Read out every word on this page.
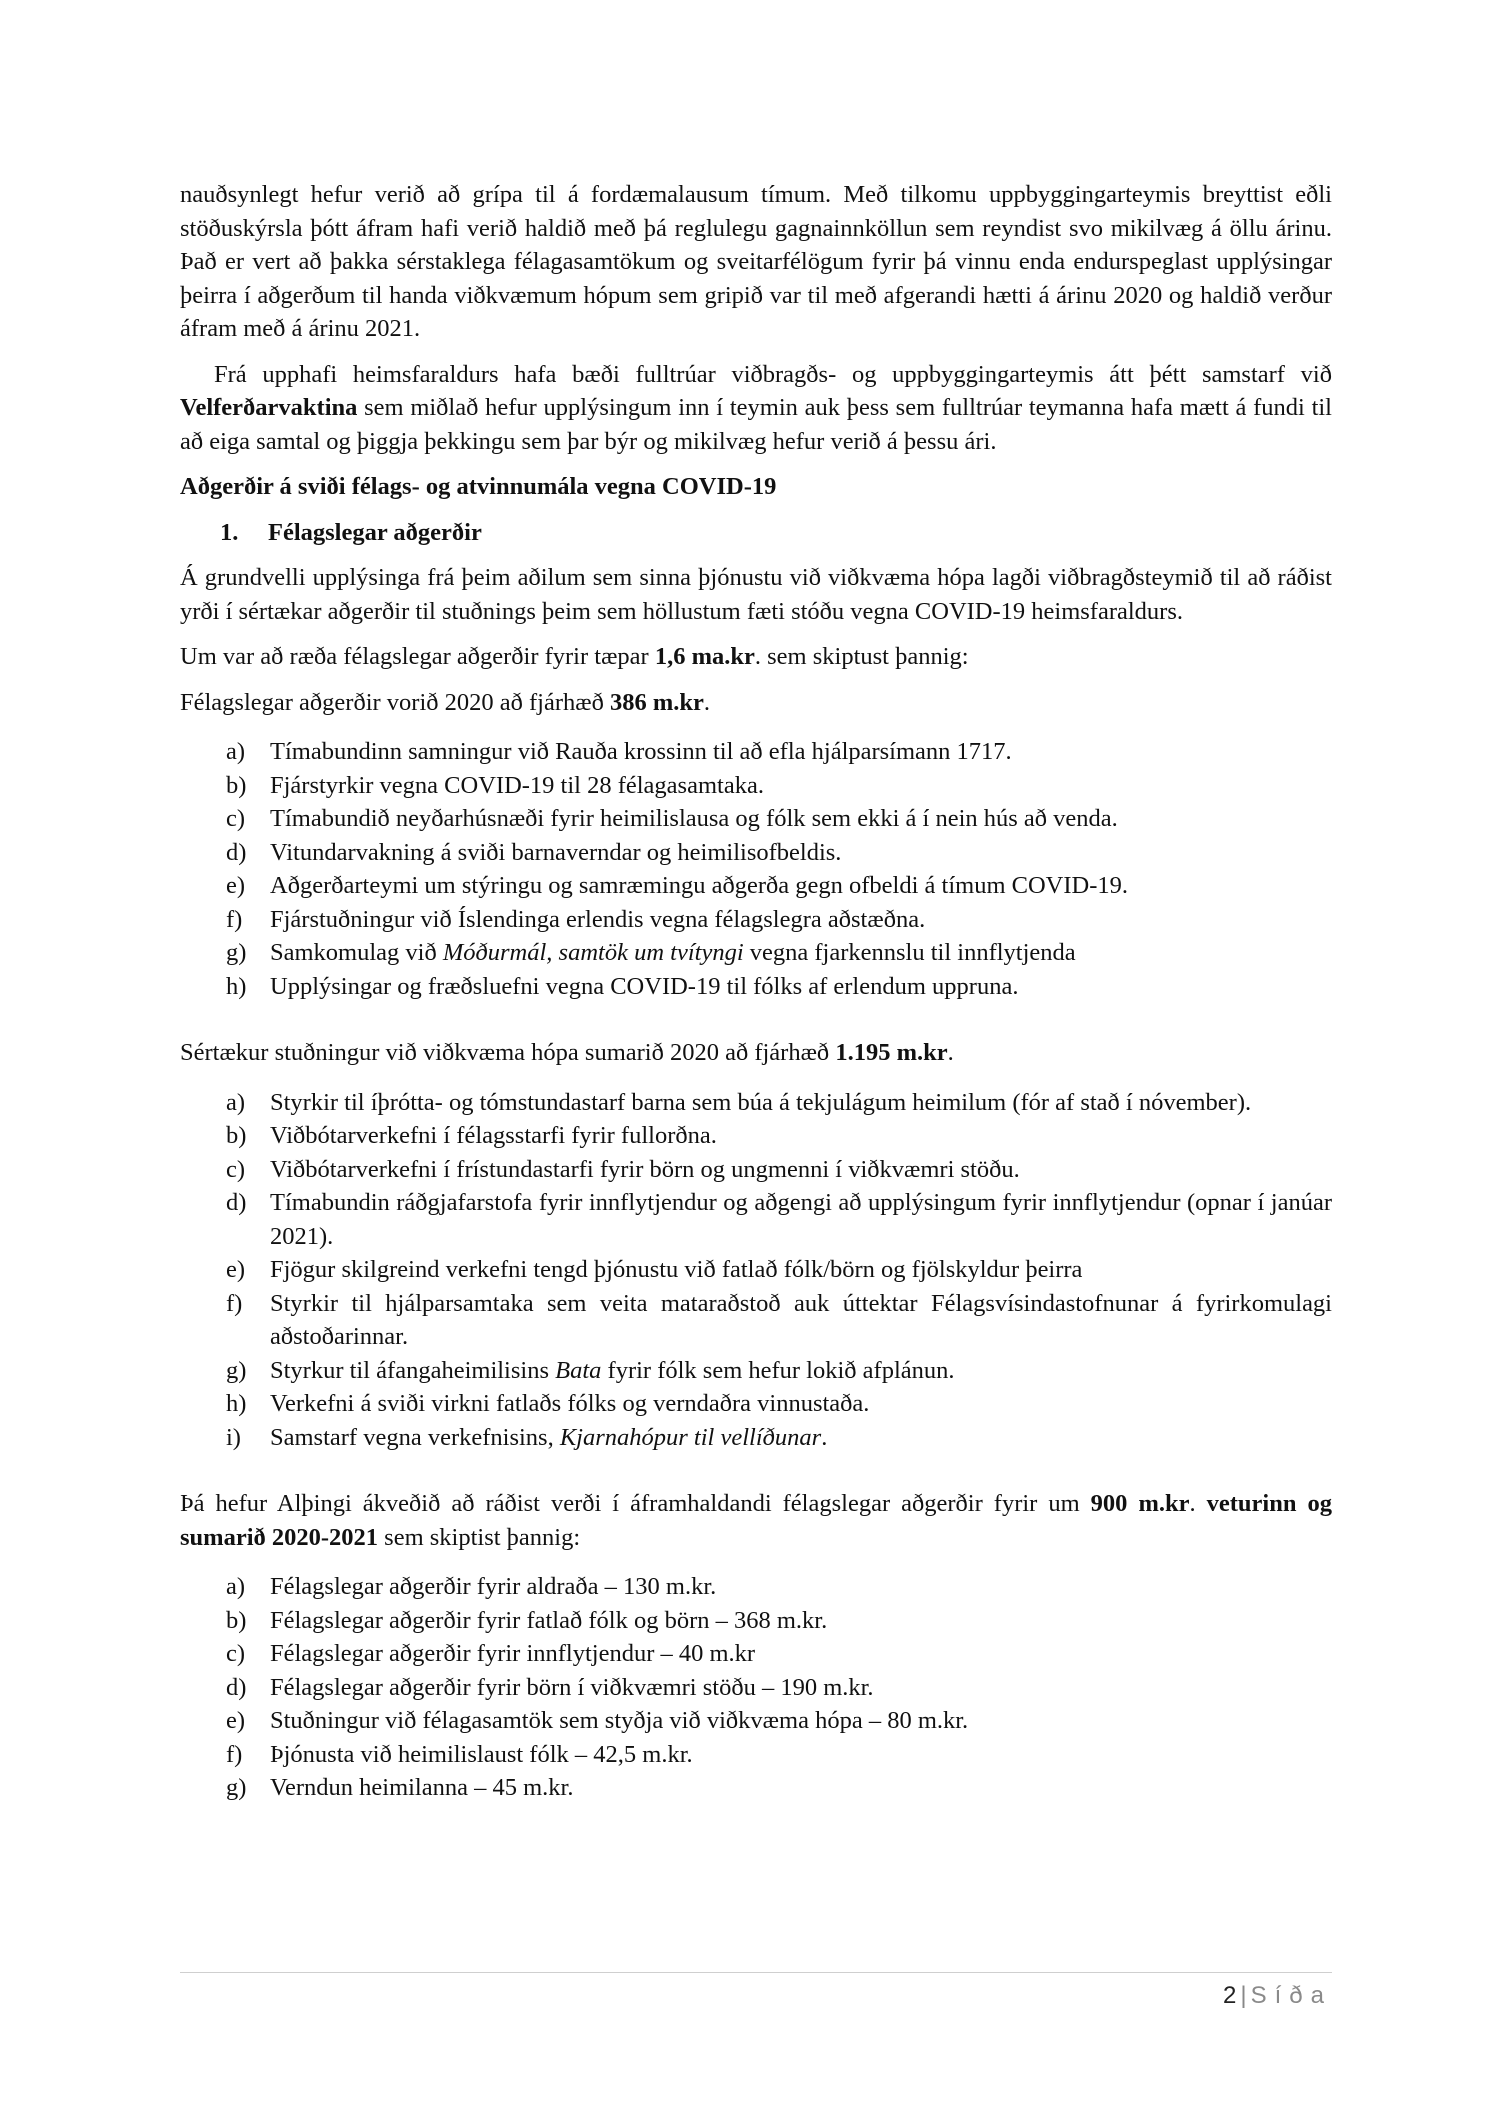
nauðsynlegt hefur verið að grípa til á fordæmalausum tímum. Með tilkomu uppbyggingarteymis breyttist eðli stöðuskýrsla þótt áfram hafi verið haldið með þá reglulegu gagnainnköllun sem reyndist svo mikilvæg á öllu árinu. Það er vert að þakka sérstaklega félagasamtökum og sveitarfélögum fyrir þá vinnu enda endurspeglast upplýsingar þeirra í aðgerðum til handa viðkvæmum hópum sem gripið var til með afgerandi hætti á árinu 2020 og haldið verður áfram með á árinu 2021.

Frá upphafi heimsfaraldurs hafa bæði fulltrúar viðbragðs- og uppbyggingarteymis átt þétt samstarf við Velferðarvaktina sem miðlað hefur upplýsingum inn í teymin auk þess sem fulltrúar teymanna hafa mætt á fundi til að eiga samtal og þiggja þekkingu sem þar býr og mikilvæg hefur verið á þessu ári.

Aðgerðir á sviði félags- og atvinnumála vegna COVID-19

1. Félagslegar aðgerðir

Á grundvelli upplýsinga frá þeim aðilum sem sinna þjónustu við viðkvæma hópa lagði viðbragðsteymið til að ráðist yrði í sértækar aðgerðir til stuðnings þeim sem höllustum fæti stóðu vegna COVID-19 heimsfaraldurs.

Um var að ræða félagslegar aðgerðir fyrir tæpar 1,6 ma.kr. sem skiptust þannig:

Félagslegar aðgerðir vorið 2020 að fjárhæð 386 m.kr.

a) Tímabundinn samningur við Rauða krossinn til að efla hjálparsímann 1717.
b) Fjárstyrkir vegna COVID-19 til 28 félagasamtaka.
c) Tímabundið neyðarhúsnæði fyrir heimilislausa og fólk sem ekki á í nein hús að venda.
d) Vitundarvakning á sviði barnaverndar og heimilisofbeldis.
e) Aðgerðarteymi um stýringu og samræmingu aðgerða gegn ofbeldi á tímum COVID-19.
f) Fjárstuðningur við Íslendinga erlendis vegna félagslegra aðstæðna.
g) Samkomulag við Móðurmál, samtök um tvítyngi vegna fjarkennslu til innflytjenda
h) Upplýsingar og fræðsluefni vegna COVID-19 til fólks af erlendum uppruna.

Sértækur stuðningur við viðkvæma hópa sumarið 2020 að fjárhæð 1.195 m.kr.

a) Styrkir til íþrótta- og tómstundastarf barna sem búa á tekjulágum heimilum (fór af stað í nóvember).
b) Viðbótarverkefni í félagsstarfi fyrir fullorðna.
c) Viðbótarverkefni í frístundastarfi fyrir börn og ungmenni í viðkvæmri stöðu.
d) Tímabundin ráðgjafarstofa fyrir innflytjendur og aðgengi að upplýsingum fyrir innflytjendur (opnar í janúar 2021).
e) Fjögur skilgreind verkefni tengd þjónustu við fatlað fólk/börn og fjölskyldur þeirra
f) Styrkir til hjálparsamtaka sem veita mataraðstoð auk úttektar Félagsvísindastofnunar á fyrirkomulagi aðstoðarinnar.
g) Styrkur til áfangaheimilisins Bata fyrir fólk sem hefur lokið afplánun.
h) Verkefni á sviði virkni fatlaðs fólks og verndaðra vinnustaða.
i) Samstarf vegna verkefnisins, Kjarnahópur til vellíðunar.

Þá hefur Alþingi ákveðið að ráðist verði í áframhaldandi félagslegar aðgerðir fyrir um 900 m.kr. veturinn og sumarið 2020-2021 sem skiptist þannig:

a) Félagslegar aðgerðir fyrir aldraða – 130 m.kr.
b) Félagslegar aðgerðir fyrir fatlað fólk og börn – 368 m.kr.
c) Félagslegar aðgerðir fyrir innflytjendur – 40 m.kr
d) Félagslegar aðgerðir fyrir börn í viðkvæmri stöðu – 190 m.kr.
e) Stuðningur við félagasamtök sem styðja við viðkvæma hópa – 80 m.kr.
f) Þjónusta við heimilislaust fólk – 42,5 m.kr.
g) Verndun heimilanna – 45 m.kr.
2 | Síða
